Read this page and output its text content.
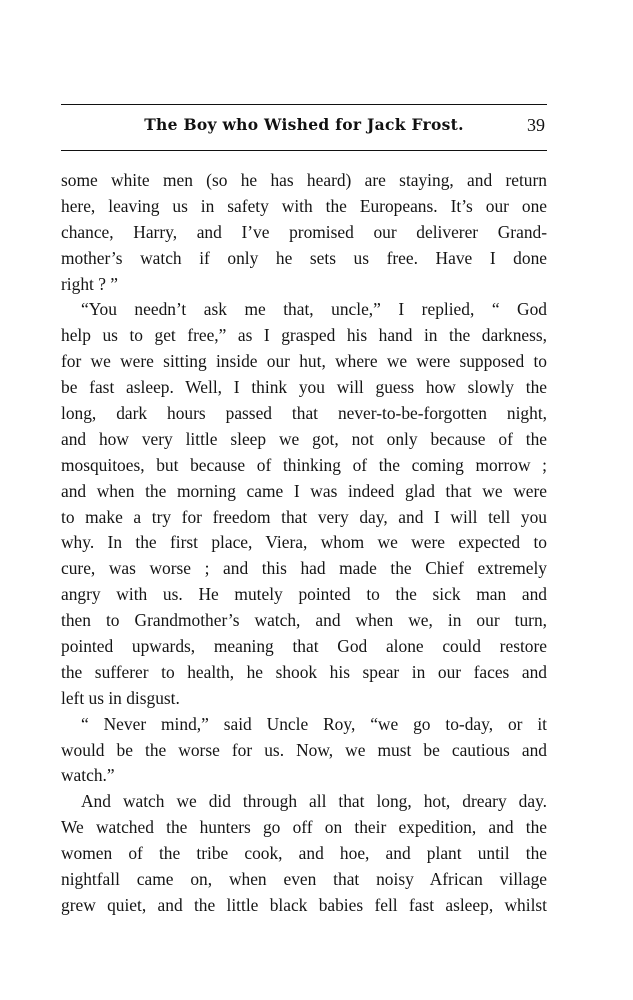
The Boy who Wished for Jack Frost.	39
some white men (so he has heard) are staying, and return
here, leaving us in safety with the Europeans. It’s our one
chance, Harry, and I’ve promised our deliverer Grand-
mother’s watch if only he sets us free. Have I done
right ? ”
“You needn’t ask me that, uncle,” I replied, “ God
help us to get free,” as I grasped his hand in the darkness,
for we were sitting inside our hut, where we were supposed to
be fast asleep. Well, I think you will guess how slowly the
long, dark hours passed that never-to-be-forgotten night,
and how very little sleep we got, not only because of the
mosquitoes, but because of thinking of the coming morrow ;
and when the morning came I was indeed glad that we were
to make a try for freedom that very day, and I will tell you
why. In the first place, Viera, whom we were expected to
cure, was worse ; and this had made the Chief extremely
angry with us. He mutely pointed to the sick man and
then to Grandmother’s watch, and when we, in our turn,
pointed upwards, meaning that God alone could restore
the sufferer to health, he shook his spear in our faces and
left us in disgust.
“ Never mind,” said Uncle Roy, “we go to-day, or it
would be the worse for us. Now, we must be cautious and
watch.”
And watch we did through all that long, hot, dreary day.
We watched the hunters go off on their expedition, and the
women of the tribe cook, and hoe, and plant until the
nightfall came on, when even that noisy African village
grew quiet, and the little black babies fell fast asleep, whilst
